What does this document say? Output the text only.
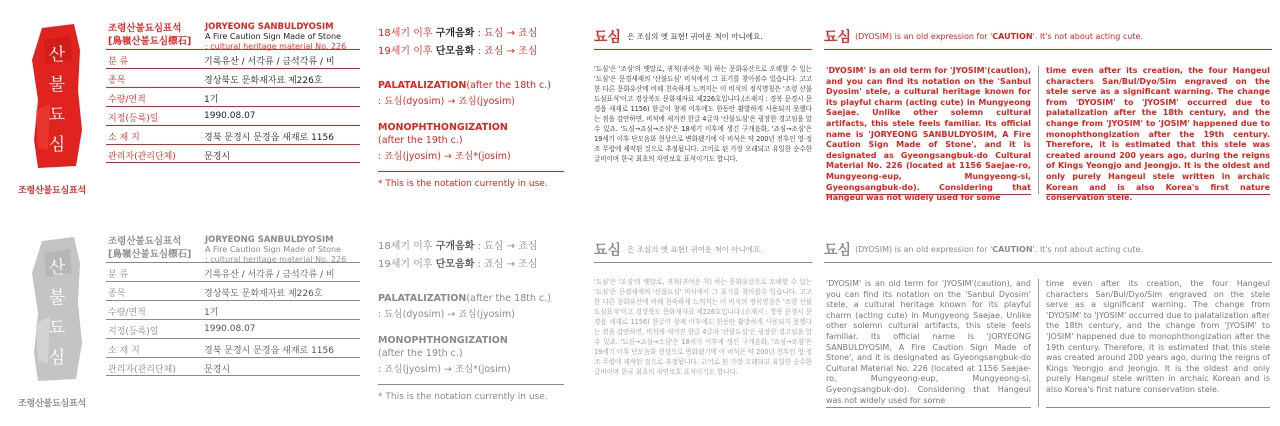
산
불
됴
심
조령산불됴심표석
조령산불됴심표석
[鳥嶺산불됴심標石]
JORYEONG SANBULDYOSIM
A Fire Caution Sign Made of Stone
: cultural heritage material No. 226
분 류	기록유산 / 서각류 / 금석각류 / 비
종목	경상북도 문화재자료 제226호
수량/면적	1기
지정(등록)일	1990.08.07
소 재 지	경북 문경시 문경읍 새재로 1156
관리자(관리단체)	문경시
18세기 이후 구개음화 : 됴심 → 죠심
19세기 이후 단모음화 : 죠심 → 조심
PALATALIZATION(after the 18th c.)
: 됴심(dyosim) → 죠심(jyosim)
MONOPHTHONGIZATION
(after the 19th c.)
: 죠심(jyosim) → 조심*(josim)
* This is the notation currently in use.
됴심 은 조심의 옛 표현! 귀여운 척이 아니에요.
'됴심'은 '조심'의 옛말로, 귀척(귀여운 척) 하는 문화유산으로 오해할 수 있는 '됴심'은 문경새재의 '산불됴심' 비석에서 그 표기를 찾아볼수 있습니다. 고고한 다른 문화유산에 비해 친숙하게 느껴지는 이 비석의 정식명칭은 '조령 산불됴심표석'이고 경상북도 문화재자료 제226호입니다.(소재지 : 경북 문경시 문경읍 새재로 1156) 한글이 창제 이후에도 한동안 활발하게 사용되지 못했다는 점을 감안하면, 비석에 새겨진 한글 4글자 '산불됴심'은 굉장한 경고임을 알 수 있죠. '됴심→죠심→조심'은 18세기 이후에 생긴 구개음화, '죠심→조심'은 19세기 이후 단모음화 현상으로 변화됐기에 이 비석은 약 200년 전후인 영·정조 무렵에 제작된 것으로 추정됩니다. 고어로 된 가장 오래되고 유일한 순수한글비이며 한국 최초의 자연보호 표석이기도 합니다.
됴심 (DYOSIM) is an old expression for 'CAUTION'. It's not about acting cute.
'DYOSIM' is an old term for 'JYOSIM'(caution), and you can find its notation on the 'Sanbul Dyosim' stele, a cultural heritage known for its playful charm (acting cute) in Mungyeong Saejae. Unlike other solemn cultural artifacts, this stele feels familiar. Its official name is 'JORYEONG SANBULDYOSIM, A Fire Caution Sign Made of Stone', and it is designated as Gyeongsangbuk-do Cultural Material No. 226 (located at 1156 Saejae-ro, Mungyeong-eup, Mungyeong-si, Gyeongsangbuk-do). Considering that Hangeul was not widely used for some
time even after its creation, the four Hangeul characters San/Bul/Dyo/Sim engraved on the stele serve as a significant warning. The change from 'DYOSIM' to 'JYOSIM' occurred due to palatalization after the 18th century, and the change from 'JYOSIM' to 'JOSIM' happened due to monophthongization after the 19th century. Therefore, it is estimated that this stele was created around 200 years ago, during the reigns of Kings Yeongjo and Jeongjo. It is the oldest and only purely Hangeul stele written in archaic Korean and is also Korea's first nature conservation stele.
산
불
됴
심
조령산불됴심표석
조령산불됴심표석
[鳥嶺산불됴심標石]
JORYEONG SANBULDYOSIM
A Fire Caution Sign Made of Stone
: cultural heritage material No. 226
분 류	기록유산 / 서각류 / 금석각류 / 비
종목	경상북도 문화재자료 제226호
수량/면적	1기
지정(등록)일	1990.08.07
소 재 지	경북 문경시 문경읍 새재로 1156
관리자(관리단체)	문경시
18세기 이후 구개음화 : 됴심 → 죠심
19세기 이후 단모음화 : 죠심 → 조심
PALATALIZATION(after the 18th c.)
: 됴심(dyosim) → 죠심(jyosim)
MONOPHTHONGIZATION
(after the 19th c.)
: 죠심(jyosim) → 조심*(josim)
* This is the notation currently in use.
됴심 은 조심의 옛 표현! 귀여운 척이 아니에요.
'됴심'은 '조심'의 옛말로, 귀척(귀여운 척) 하는 문화유산으로 오해할 수 있는 '됴심'은 문경새재의 '산불됴심' 비석에서 그 표기를 찾아볼수 있습니다. 고고한 다른 문화유산에 비해 친숙하게 느껴지는 이 비석의 정식명칭은 '조령 산불됴심표석'이고 경상북도 문화재자료 제226호입니다.(소재지 : 경북 문경시 문경읍 새재로 1156) 한글이 창제 이후에도 한동안 활발하게 사용되지 못했다는 점을 감안하면, 비석에 새겨진 한글 4글자 '산불됴심'은 굉장한 경고임을 알 수 있죠. '됴심→죠심→조심'은 18세기 이후에 생긴 구개음화, '죠심→조심'은 19세기 이후 단모음화 현상으로 변화됐기에 이 비석은 약 200년 전후인 영·정조 무렵에 제작된 것으로 추정됩니다. 고어로 된 가장 오래되고 유일한 순수한글비이며 한국 최초의 자연보호 표석이기도 합니다.
됴심 (DYOSIM) is an old expression for 'CAUTION'. It's not about acting cute.
'DYOSIM' is an old term for 'JYOSIM'(caution), and you can find its notation on the 'Sanbul Dyosim' stele, a cultural heritage known for its playful charm (acting cute) in Mungyeong Saejae. Unlike other solemn cultural artifacts, this stele feels familiar. Its official name is 'JORYEONG SANBULDYOSIM, A Fire Caution Sign Made of Stone', and it is designated as Gyeongsangbuk-do Cultural Material No. 226 (located at 1156 Saejae-ro, Mungyeong-eup, Mungyeong-si, Gyeongsangbuk-do). Considering that Hangeul was not widely used for some
time even after its creation, the four Hangeul characters San/Bul/Dyo/Sim engraved on the stele serve as a significant warning. The change from 'DYOSIM' to 'JYOSIM' occurred due to palatalization after the 18th century, and the change from 'JYOSIM' to 'JOSIM' happened due to monophthongization after the 19th century. Therefore, it is estimated that this stele was created around 200 years ago, during the reigns of Kings Yeongjo and Jeongjo. It is the oldest and only purely Hangeul stele written in archaic Korean and is also Korea's first nature conservation stele.
